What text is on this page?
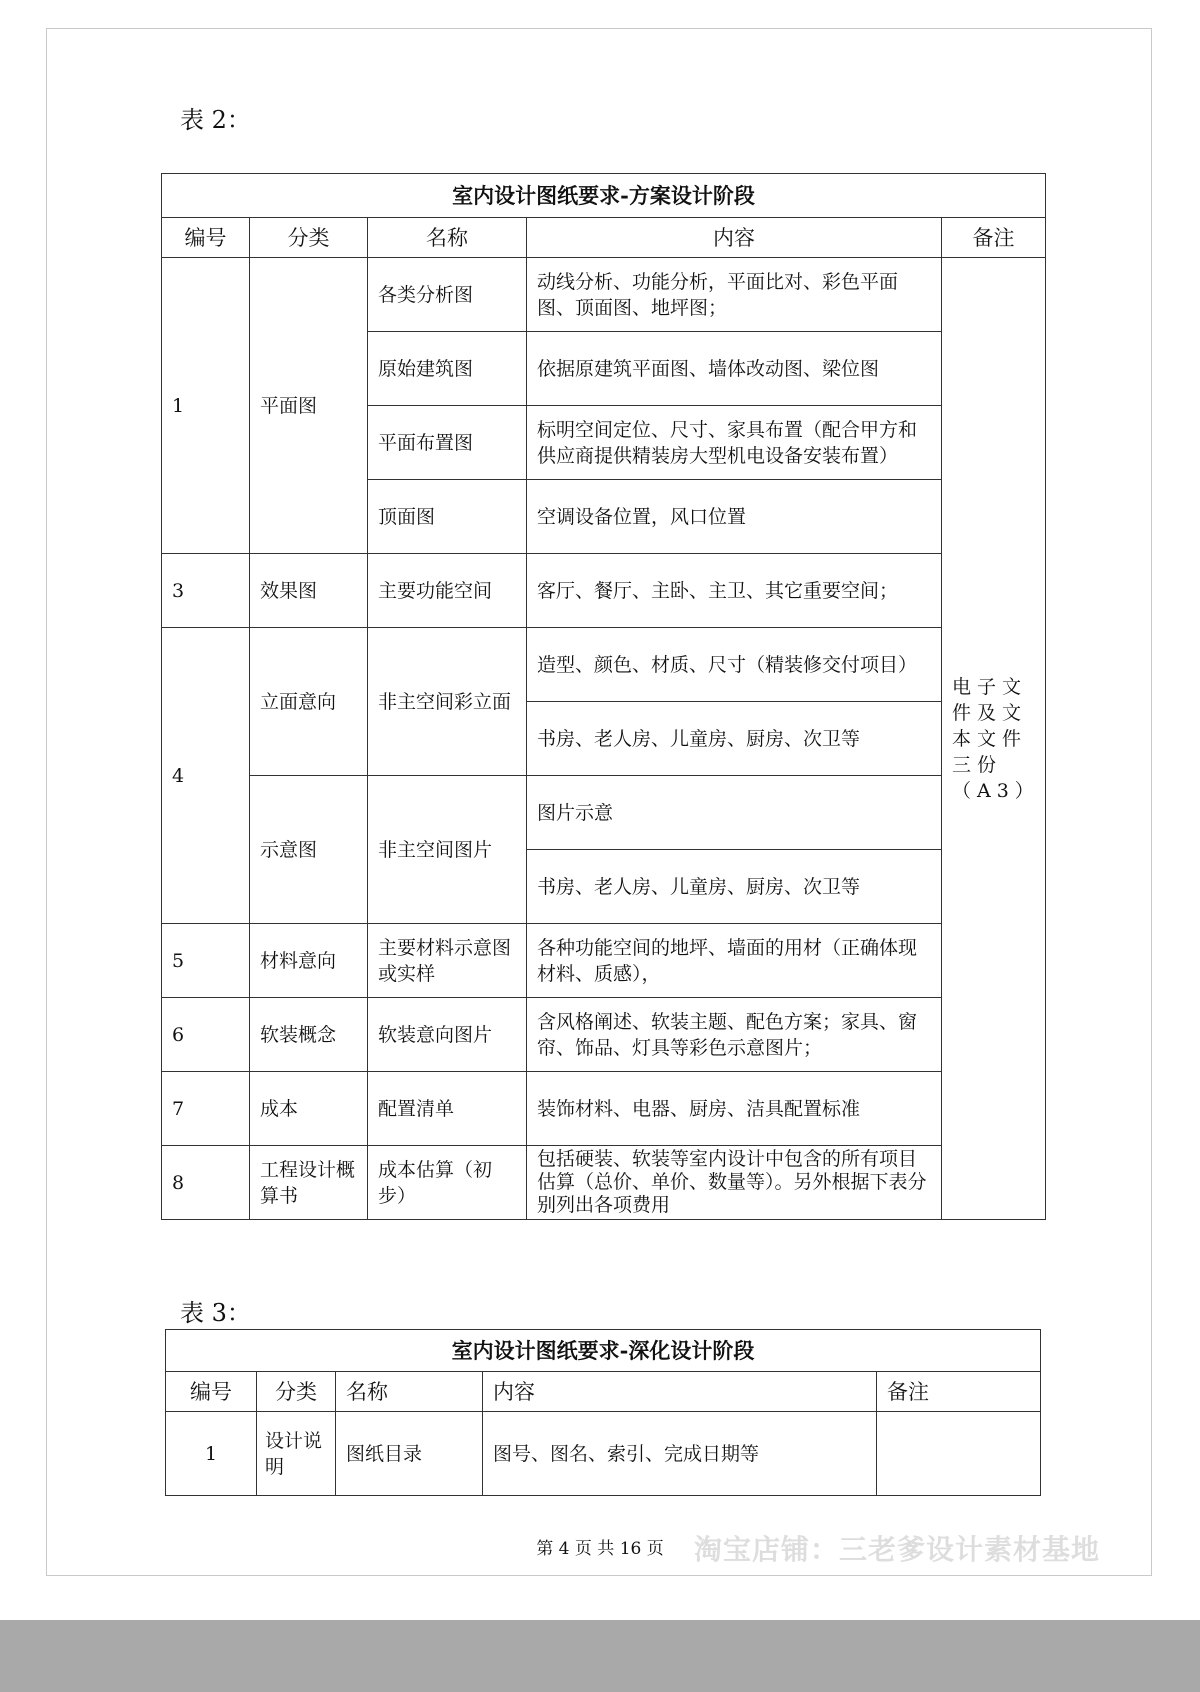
表 2：
室内设计图纸要求-方案设计阶段				
编号	分类	名称	内容	备注
1	平面图	各类分析图	动线分析、功能分析，平面比对、彩色平面图、顶面图、地坪图；	电子文件及文本文件三份（A3）
		原始建筑图	依据原建筑平面图、墙体改动图、梁位图	
		平面布置图	标明空间定位、尺寸、家具布置（配合甲方和供应商提供精装房大型机电设备安装布置）	
		顶面图	空调设备位置，风口位置	
3	效果图	主要功能空间	客厅、餐厅、主卧、主卫、其它重要空间；	
4	立面意向	非主空间彩立面	造型、颜色、材质、尺寸（精装修交付项目）	
			书房、老人房、儿童房、厨房、次卫等	
	示意图	非主空间图片	图片示意	
			书房、老人房、儿童房、厨房、次卫等	
5	材料意向	主要材料示意图或实样	各种功能空间的地坪、墙面的用材（正确体现材料、质感），	
6	软装概念	软装意向图片	含风格阐述、软装主题、配色方案；家具、窗帘、饰品、灯具等彩色示意图片；	
7	成本	配置清单	装饰材料、电器、厨房、洁具配置标准	
8	工程设计概算书	成本估算（初步）	包括硬装、软装等室内设计中包含的所有项目估算（总价、单价、数量等）。另外根据下表分别列出各项费用	
表 3：
室内设计图纸要求-深化设计阶段				
编号	分类	名称	内容	备注
1	设计说明	图纸目录	图号、图名、索引、完成日期等	
第 4 页 共 16 页	淘宝店铺：三老爹设计素材基地
